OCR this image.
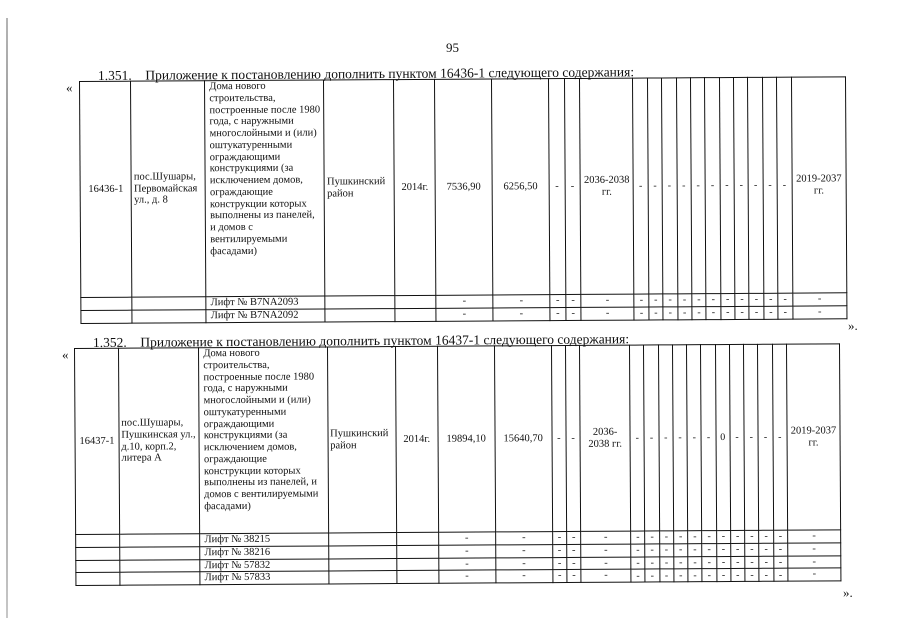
95
1.351. Приложение к постановлению дополнить пунктом 16436-1 следующего содержания:
«
».
16436-1	пос.Шушары, Первомайская ул., д. 8	Дома нового строительства, построенные после 1980 года, с наружными многослойными и (или) оштукатуренными ограждающими конструкциями (за исключением домов, ограждающие конструкции которых выполнены из панелей, и домов с вентилируемыми фасадами)	Пушкинский район	2014г.	7536,90	6256,50	-	-	2036-2038 гг.	-	-	-	-	-	-	-	-	-	-	-	2019-2037 гг.
		Лифт № В7NA2093			-	-	-	-	-	-	-	-	-	-	-	-	-	-	-	-	-
		Лифт № В7NA2092			-	-	-	-	-	-	-	-	-	-	-	-	-	-	-	-	-
1.352. Приложение к постановлению дополнить пунктом 16437-1 следующего содержания:
«
».
16437-1	пос.Шушары, Пушкинская ул., д.10, корп.2, литера А	Дома нового строительства, построенные после 1980 года, с наружными многослойными и (или) оштукатуренными ограждающими конструкциями (за исключением домов, ограждающие конструкции которых выполнены из панелей, и домов с вентилируемыми фасадами)	Пушкинский район	2014г.	19894,10	15640,70	-	-	2036-2038 гг.	-	-	-	-	-	-	0	-	-	-	-	2019-2037 гг.
		Лифт № 38215			-	-	-	-	-	-	-	-	-	-	-	-	-	-	-	-	-
		Лифт № 38216			-	-	-	-	-	-	-	-	-	-	-	-	-	-	-	-	-
		Лифт № 57832			-	-	-	-	-	-	-	-	-	-	-	-	-	-	-	-	-
		Лифт № 57833			-	-	-	-	-	-	-	-	-	-	-	-	-	-	-	-	-
